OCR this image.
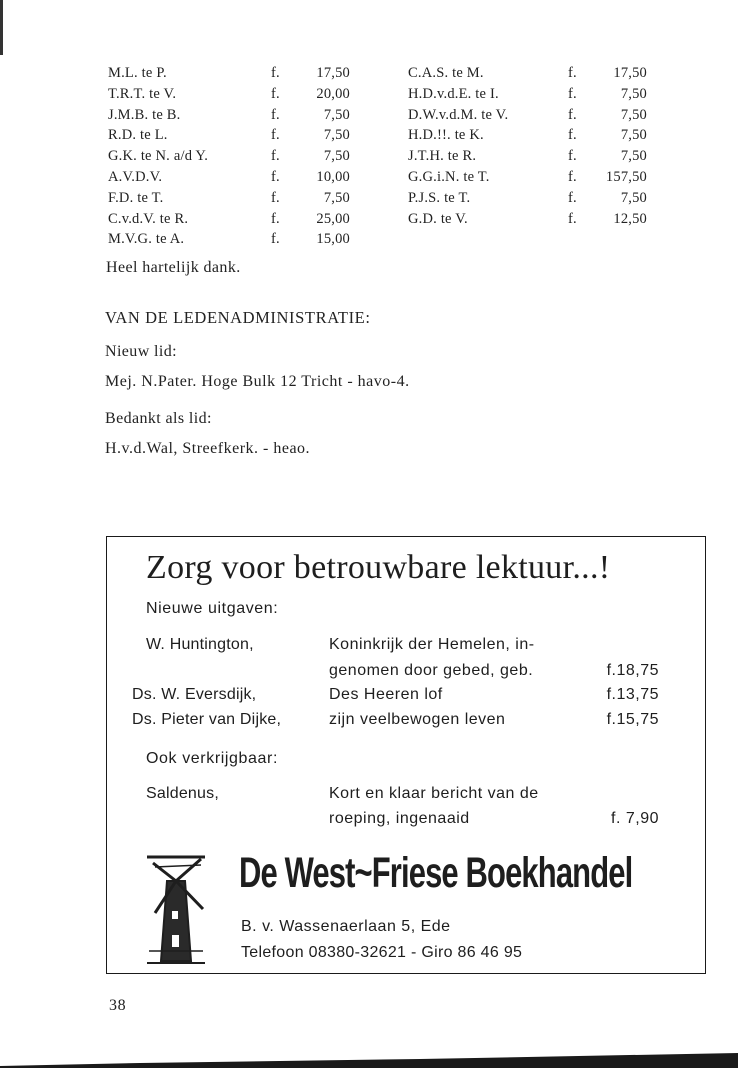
M.L. te P.	f.	17,50
T.R.T. te V.	f.	20,00
J.M.B. te B.	f.	7,50
R.D. te L.	f.	7,50
G.K. te N. a/d Y.	f.	7,50
A.V.D.V.	f.	10,00
F.D. te T.	f.	7,50
C.v.d.V. te R.	f.	25,00
M.V.G. te A.	f.	15,00
C.A.S. te M.	f.	17,50
H.D.v.d.E. te I.	f.	7,50
D.W.v.d.M. te V.	f.	7,50
H.D.!!. te K.	f.	7,50
J.T.H. te R.	f.	7,50
G.G.i.N. te T.	f.	157,50
P.J.S. te T.	f.	7,50
G.D. te V.	f.	12,50
Heel hartelijk dank.
VAN DE LEDENADMINISTRATIE:
Nieuw lid:
Mej. N.Pater. Hoge Bulk 12 Tricht - havo-4.
Bedankt als lid:
H.v.d.Wal, Streefkerk. - heao.
Zorg voor betrouwbare lektuur...!
Nieuwe uitgaven:
W. Huntington,	Koninkrijk der Hemelen, in-
genomen door gebed, geb.	f.18,75
Ds. W. Eversdijk,	Des Heeren lof	f.13,75
Ds. Pieter van Dijke,	zijn veelbewogen leven	f.15,75
Ook verkrijgbaar:
Saldenus,	Kort en klaar bericht van de
roeping, ingenaaid	f. 7,90
De West~Friese Boekhandel
B. v. Wassenaerlaan 5, Ede
Telefoon 08380-32621 - Giro 86 46 95
38
